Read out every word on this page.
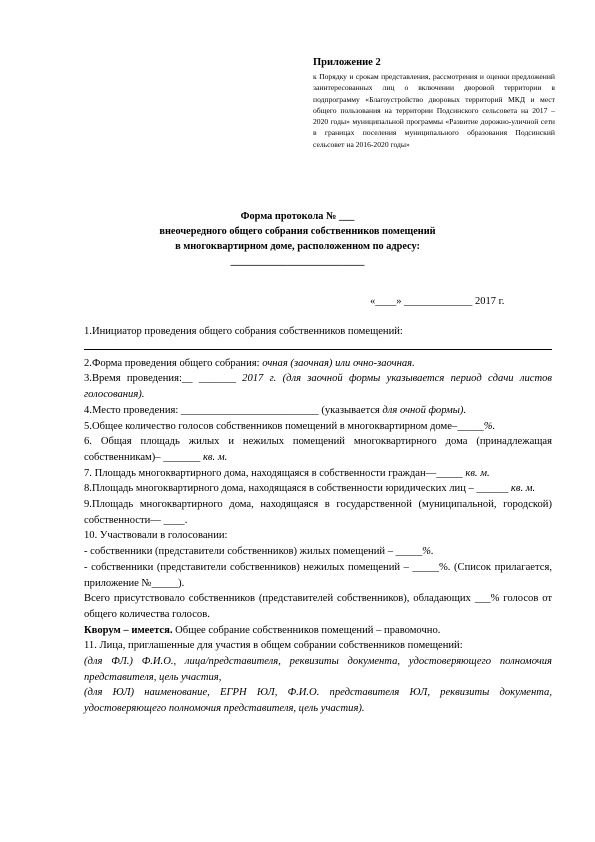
Приложение 2
к Порядку и срокам представления, рассмотрения и оценки предложений заинтересованных лиц о включении дворовой территории в подпрограмму «Благоустройство дворовых территорий МКД и мест общего пользования на территории Подсинского сельсовета на 2017 – 2020 годы» муниципальной программы «Развитие дорожно-уличной сети в границах поселения муниципального образования Подсинский сельсовет на 2016-2020 годы»
Форма протокола № ___
внеочередного общего собрания собственников помещений
в многоквартирном доме, расположенном по адресу:
__________________________
«____» _____________ 2017 г.

1.Инициатор проведения общего собрания собственников помещений:

2.Форма проведения общего собрания: очная (заочная) или очно-заочная.

3.Время проведения:__ _______ 2017 г. (для заочной формы указывается период сдачи листов голосования).

4.Место проведения: __________________________ (указывается для очной формы).

5.Общее количество голосов собственников помещений в многоквартирном доме–_____%.

6. Общая площадь жилых и нежилых помещений многоквартирного дома (принадлежащая собственникам)– _______ кв. м.

7. Площадь многоквартирного дома, находящаяся в собственности граждан—_____ кв. м.

8.Площадь многоквартирного дома, находящаяся в собственности юридических лиц – ______ кв. м.

9.Площадь многоквартирного дома, находящаяся в государственной (муниципальной, городской) собственности— ____.

10. Участвовали в голосовании:

- собственники (представители собственников) жилых помещений – _____%.

- собственники (представители собственников) нежилых помещений – _____%. (Список прилагается, приложение №_____).

Всего присутствовало собственников (представителей собственников), обладающих ___% голосов от общего количества голосов.

Кворум – имеется. Общее собрание собственников помещений – правомочно.

11. Лица, приглашенные для участия в общем собрании собственников помещений:

(для ФЛ.) Ф.И.О., лица/представителя, реквизиты документа, удостоверяющего полномочия представителя, цель участия,

(для ЮЛ) наименование, ЕГРН ЮЛ, Ф.И.О. представителя ЮЛ, реквизиты документа, удостоверяющего полномочия представителя, цель участия).
